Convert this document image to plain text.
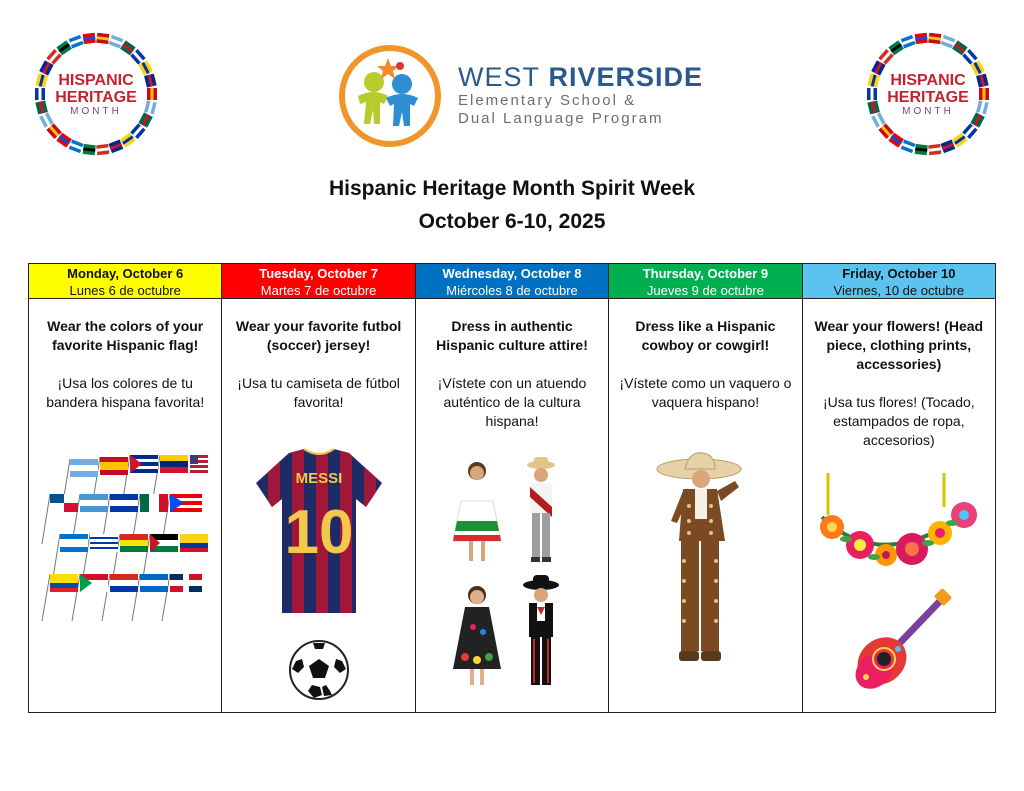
HISPANIC
HERITAGE
MONTH
WEST RIVERSIDE
Elementary School &
Dual Language Program
HISPANIC
HERITAGE
MONTH
Hispanic Heritage Month Spirit Week
October 6-10, 2025
Monday, October 6
Lunes 6 de octubre

Wear the colors of your favorite Hispanic flag!

¡Usa los colores de tu bandera hispana favorita!

Tuesday, October 7
Martes 7 de octubre

Wear your favorite futbol (soccer) jersey!

¡Usa tu camiseta de fútbol favorita!

MESSI
10
Wednesday, October 8
Miércoles 8 de octubre

Dress in authentic Hispanic culture attire!

¡Vístete con un atuendo auténtico de la cultura hispana!

Thursday, October 9
Jueves 9 de octubre

Dress like a Hispanic cowboy or cowgirl!

¡Vístete como un vaquero o vaquera hispano!

Friday, October 10
Viernes, 10 de octubre

Wear your flowers! (Head piece, clothing prints, accessories)

¡Usa tus flores! (Tocado, estampados de ropa, accesorios)
